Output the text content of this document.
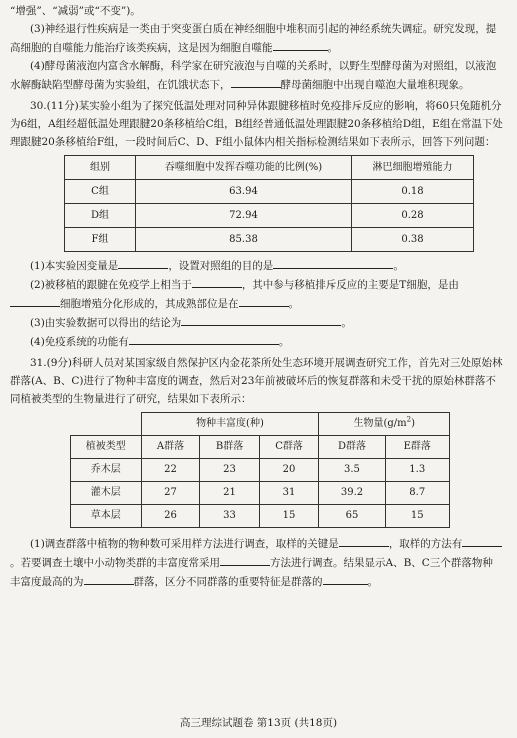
“增强”、“减弱”或“不变”)。

(3)神经退行性疾病是一类由于突变蛋白质在神经细胞中堆积而引起的神经系统失调症。研究发现，提高细胞的自噬能力能治疗该类疾病，这是因为细胞自噬能	。

(4)酵母菌液泡内富含水解酶，科学家在研究液泡与自噬的关系时，以野生型酵母菌为对照组，以液泡水解酶缺陷型酵母菌为实验组，在饥饿状态下，	酵母菌细胞中出现自噬泡大量堆积现象。

30.(11分)某实验小组为了探究低温处理对同种异体跟腱移植时免疫排斥反应的影响，将60只兔随机分为6组，A组经超低温处理跟腱20条移植给C组，B组经普通低温处理跟腱20条移植给D组，E组在常温下处理跟腱20条移植给F组，一段时间后C、D、F组小鼠体内相关指标检测结果如下表所示，回答下列问题：

组别	吞噬细胞中发挥吞噬功能的比例(%)	淋巴细胞增殖能力
C组	63.94	0.18
D组	72.94	0.28
F组	85.38	0.38

(1)本实验因变量是	，设置对照组的目的是	。

(2)被移植的跟腱在免疫学上相当于	，其中参与移植排斥反应的主要是T细胞，是由细胞增殖分化形成的，其成熟部位是在	。

(3)由实验数据可以得出的结论为	。

(4)免疫系统的功能有	。

31.(9分)科研人员对某国家级自然保护区内金花茶所处生态环境开展调查研究工作，首先对三处原始林群落(A、B、C)进行了物种丰富度的调查，然后对23年前被破坏后的恢复群落和未受干扰的原始林群落不同植被类型的生物量进行了研究，结果如下表所示：

	物种丰富度(种)			生物量$(g/m^2)$	
植被类型	A群落	B群落	C群落	D群落	E群落
乔木层	22	23	20	3.5	1.3
灌木层	27	21	31	39.2	8.7
草本层	26	33	15	65	15

(1)调查群落中植物的物种数可采用样方法进行调查，取样的关键是	，取样的方法有。若要调查土壤中小动物类群的丰富度常采用	方法进行调查。结果显示A、B、C三个群落物种丰富度最高的为	群落，区分不同群落的重要特征是群落的	。

高三理综试题卷 第13页 (共18页)
